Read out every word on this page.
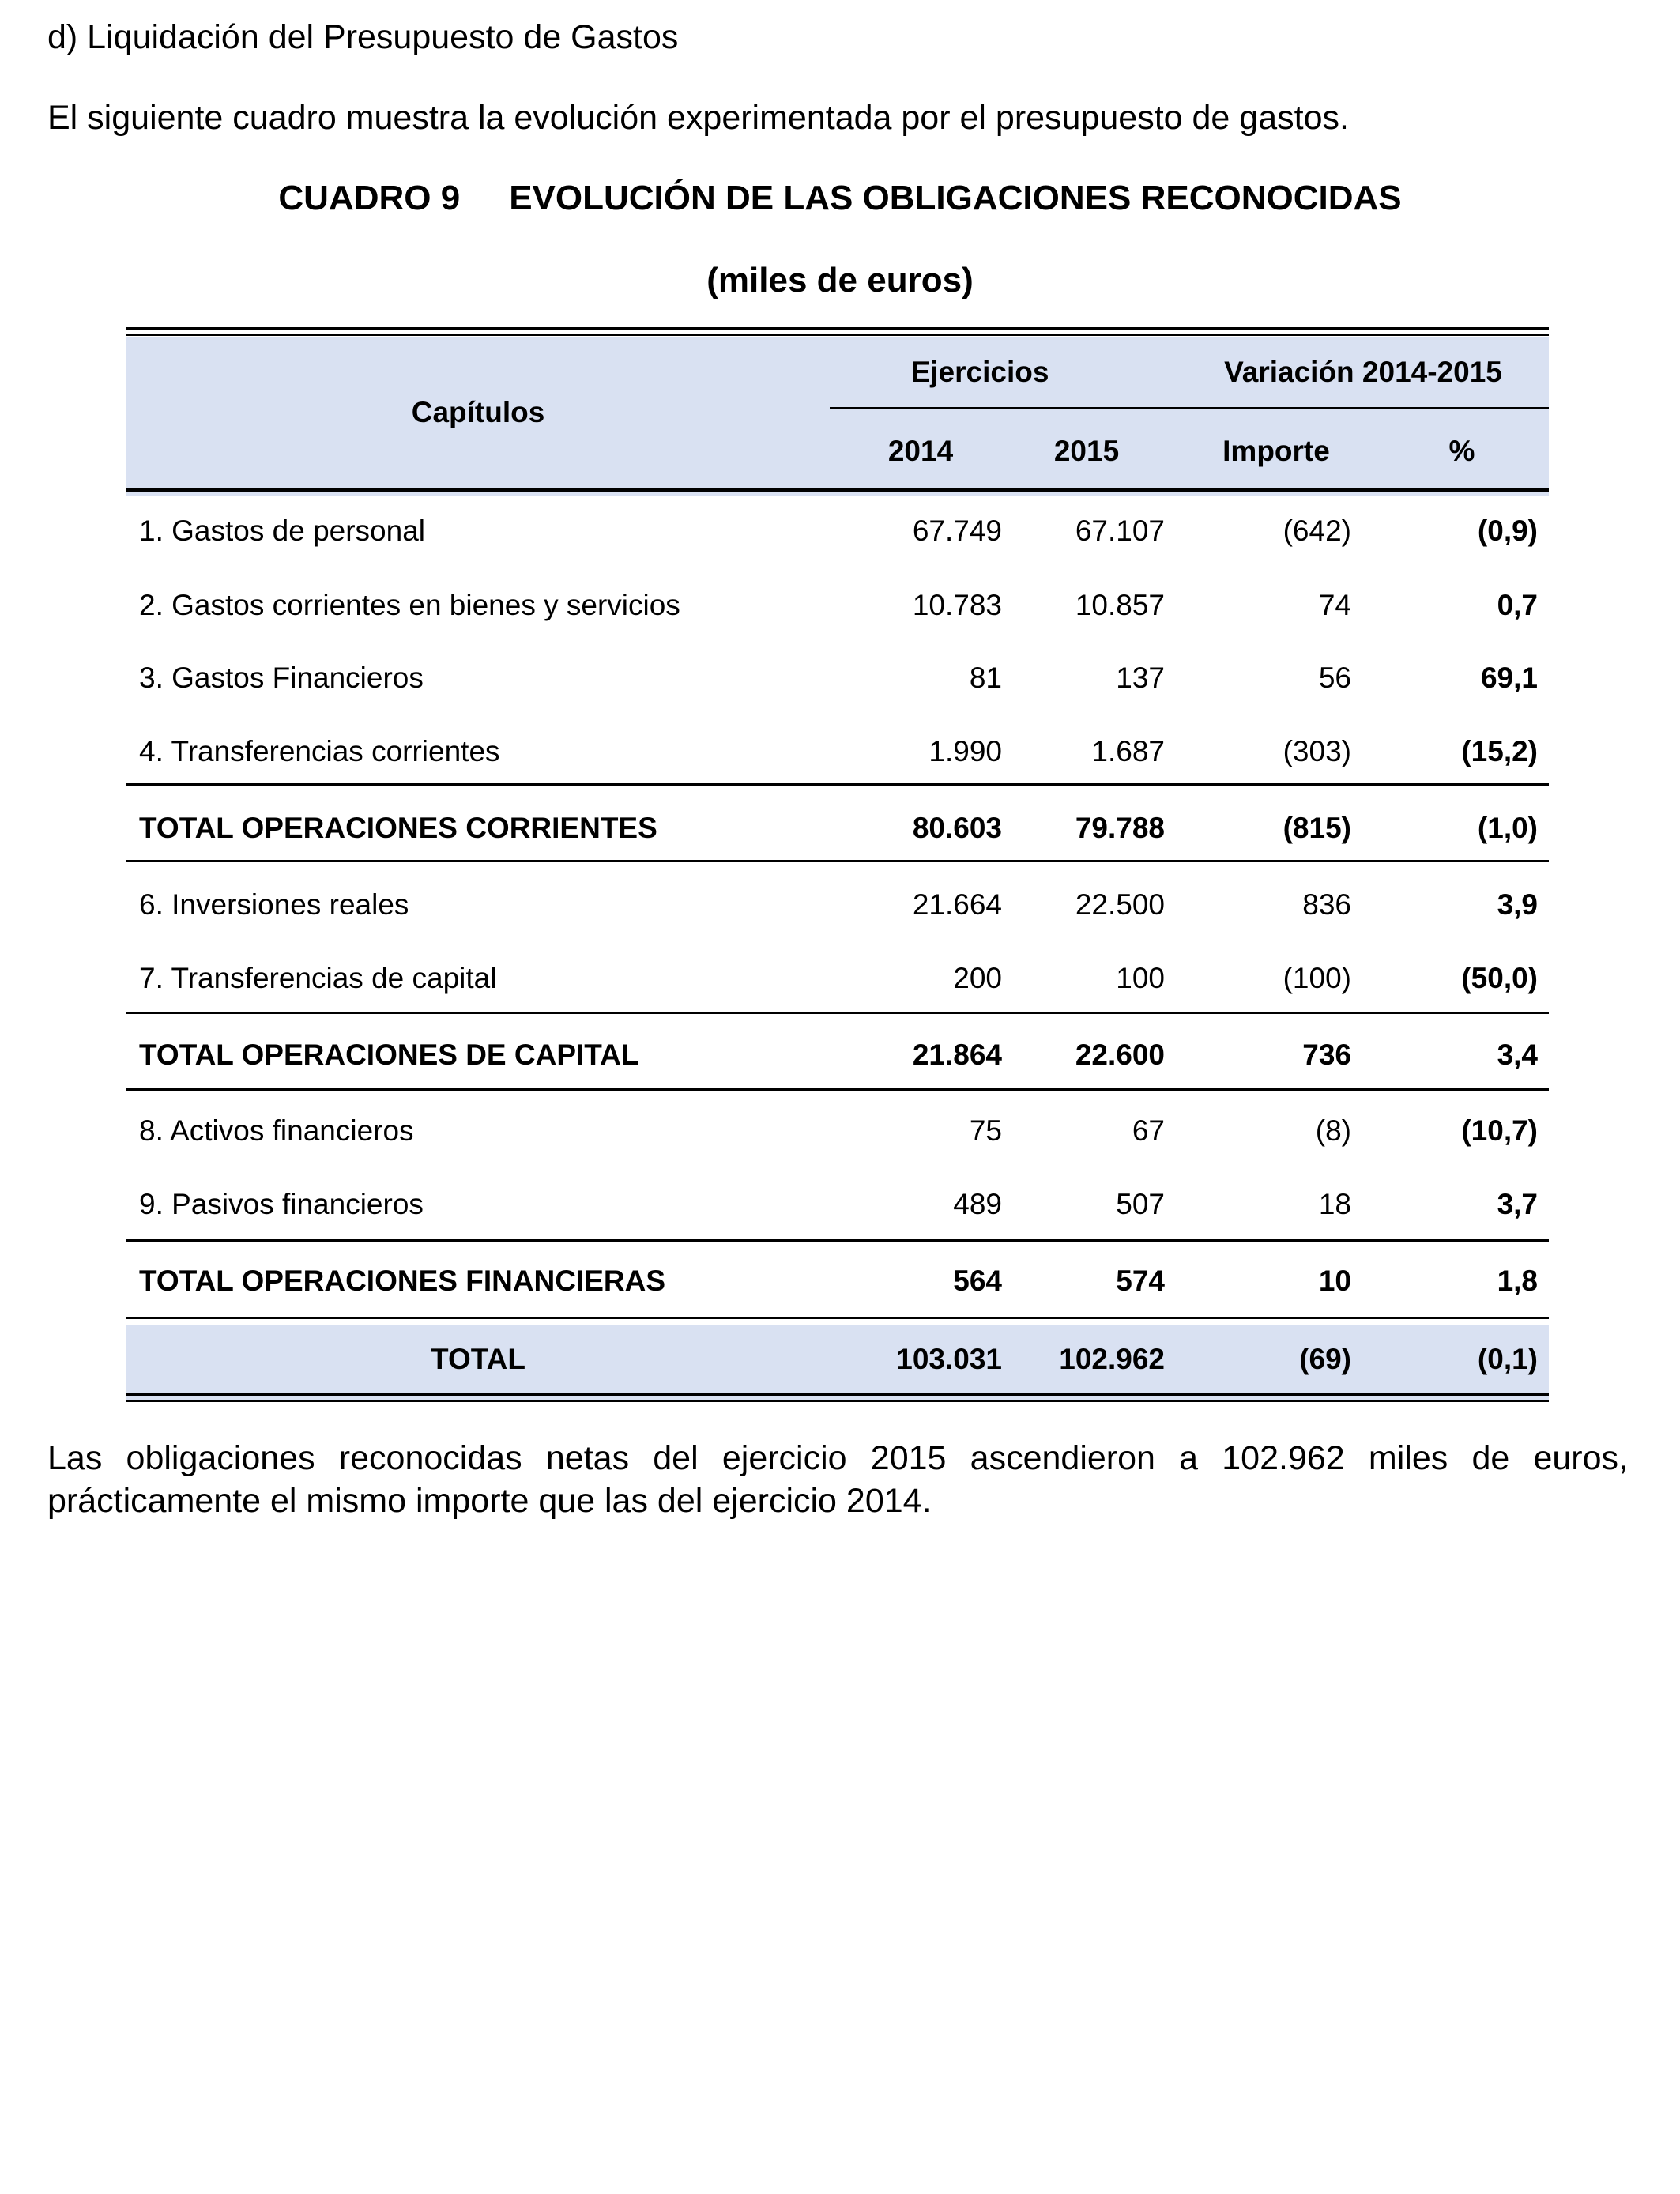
d) Liquidación del Presupuesto de Gastos
El siguiente cuadro muestra la evolución experimentada por el presupuesto de gastos.
CUADRO 9 EVOLUCIÓN DE LAS OBLIGACIONES RECONOCIDAS
(miles de euros)
Capítulos
Ejercicios	Variación 2014-2015
2014	2015	Importe	%
1. Gastos de personal	67.749	67.107	(642)	(0,9)
2. Gastos corrientes en bienes y servicios	10.783	10.857	74	0,7
3. Gastos Financieros	81	137	56	69,1
4. Transferencias corrientes	1.990	1.687	(303)	(15,2)
TOTAL OPERACIONES CORRIENTES	80.603	79.788	(815)	(1,0)
6. Inversiones reales	21.664	22.500	836	3,9
7. Transferencias de capital	200	100	(100)	(50,0)
TOTAL OPERACIONES DE CAPITAL	21.864	22.600	736	3,4
8. Activos financieros	75	67	(8)	(10,7)
9. Pasivos financieros	489	507	18	3,7
TOTAL OPERACIONES FINANCIERAS	564	574	10	1,8
TOTAL	103.031	102.962	(69)	(0,1)
Las obligaciones reconocidas netas del ejercicio 2015 ascendieron a 102.962 miles de euros, prácticamente el mismo importe que las del ejercicio 2014.
